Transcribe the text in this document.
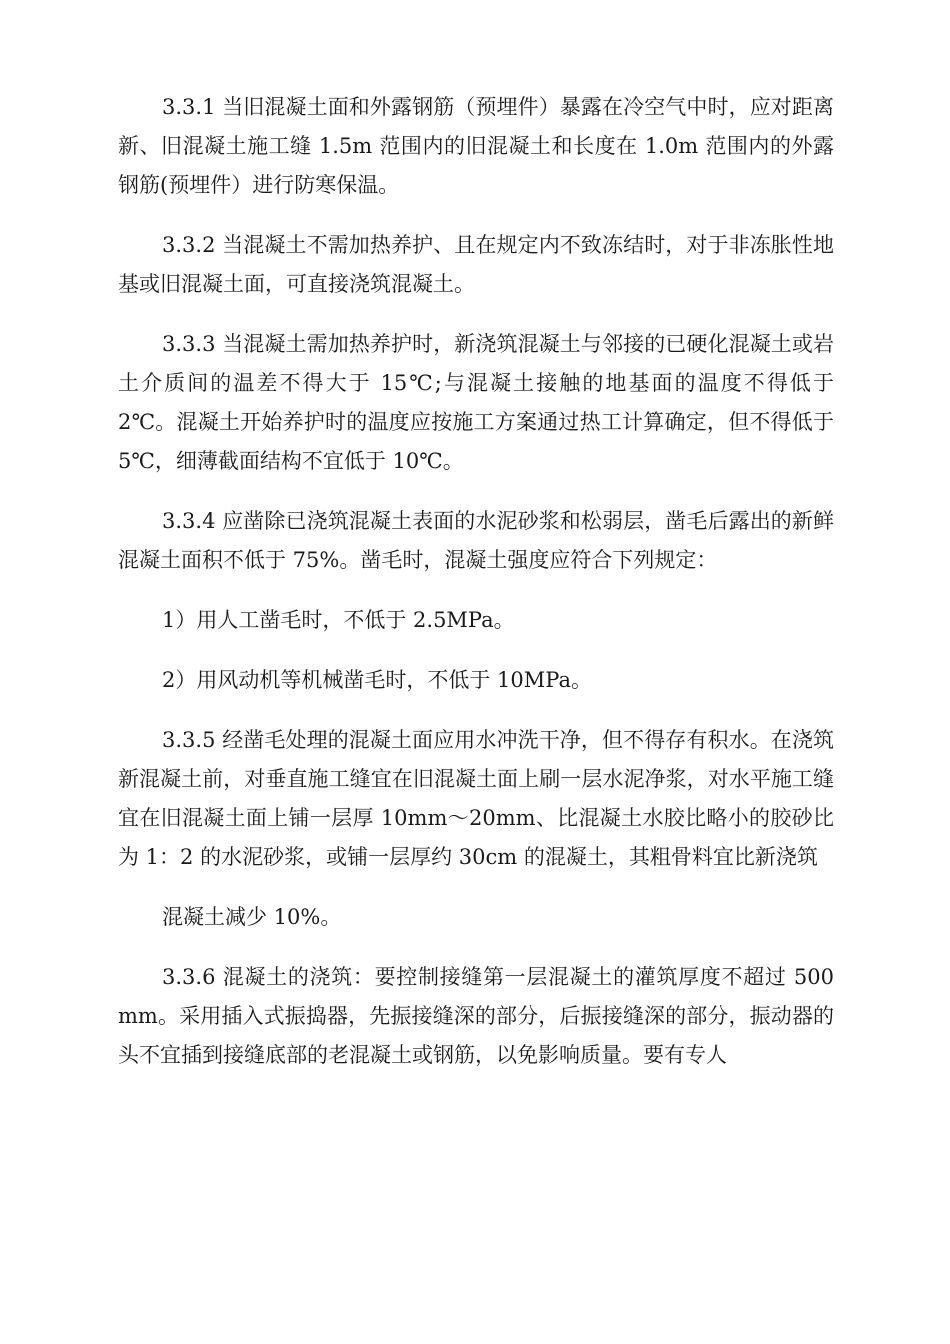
3.3.1 当旧混凝土面和外露钢筋（预埋件）暴露在冷空气中时，应对距离新、旧混凝土施工缝 1.5m 范围内的旧混凝土和长度在 1.0m 范围内的外露钢筋(预埋件）进行防寒保温。

3.3.2 当混凝土不需加热养护、且在规定内不致冻结时，对于非冻胀性地基或旧混凝土面，可直接浇筑混凝土。

3.3.3 当混凝土需加热养护时，新浇筑混凝土与邻接的已硬化混凝土或岩土介质间的温差不得大于 15℃;与混凝土接触的地基面的温度不得低于 2℃。混凝土开始养护时的温度应按施工方案通过热工计算确定，但不得低于 5℃，细薄截面结构不宜低于 10℃。

3.3.4 应凿除已浇筑混凝土表面的水泥砂浆和松弱层，凿毛后露出的新鲜混凝土面积不低于 75%。凿毛时，混凝土强度应符合下列规定：

1）用人工凿毛时，不低于 2.5MPa。

2）用风动机等机械凿毛时，不低于 10MPa。

3.3.5 经凿毛处理的混凝土面应用水冲洗干净，但不得存有积水。在浇筑新混凝土前，对垂直施工缝宜在旧混凝土面上刷一层水泥净浆，对水平施工缝宜在旧混凝土面上铺一层厚 10mm～20mm、比混凝土水胶比略小的胶砂比为 1：2 的水泥砂浆，或铺一层厚约 30cm 的混凝土，其粗骨料宜比新浇筑

混凝土减少 10%。

3.3.6 混凝土的浇筑：要控制接缝第一层混凝土的灌筑厚度不超过 500mm。采用插入式振捣器，先振接缝深的部分，后振接缝深的部分，振动器的头不宜插到接缝底部的老混凝土或钢筋，以免影响质量。要有专人
